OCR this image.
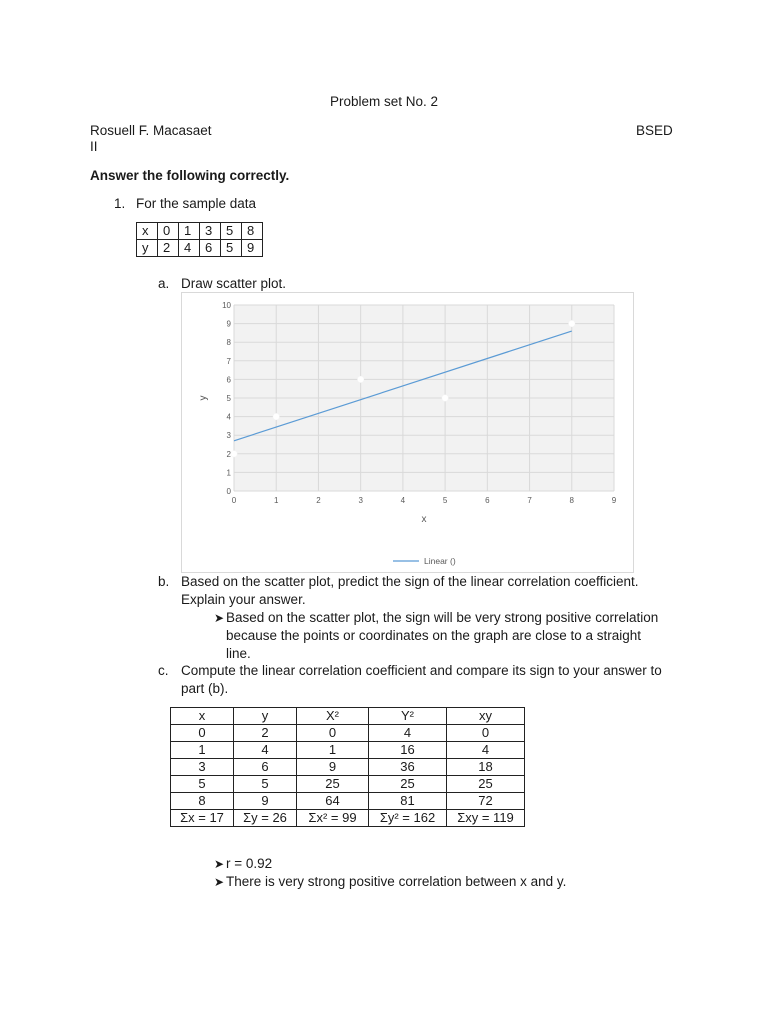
Problem set No. 2
Rosuell F. Macasaet	BSED
II
Answer the following correctly.
1. For the sample data
x	0	1	3	5	8
y	2	4	6	5	9
a. Draw scatter plot.
0	1	2	3	4	5	6	7	8	9
0
1
2
3
4
5
6
7
8
9
10
x
y
Linear ()
b. Based on the scatter plot, predict the sign of the linear correlation coefficient.
Explain your answer.
➤ Based on the scatter plot, the sign will be very strong positive correlation
because the points or coordinates on the graph are close to a straight
line.
c. Compute the linear correlation coefficient and compare its sign to your answer to
part (b).
x	y	X²	Y²	xy
0	2	0	4	0
1	4	1	16	4
3	6	9	36	18
5	5	25	25	25
8	9	64	81	72
Σx = 17	Σy = 26	Σx² = 99	Σy² = 162	Σxy = 119
➤ r = 0.92
➤ There is very strong positive correlation between x and y.
